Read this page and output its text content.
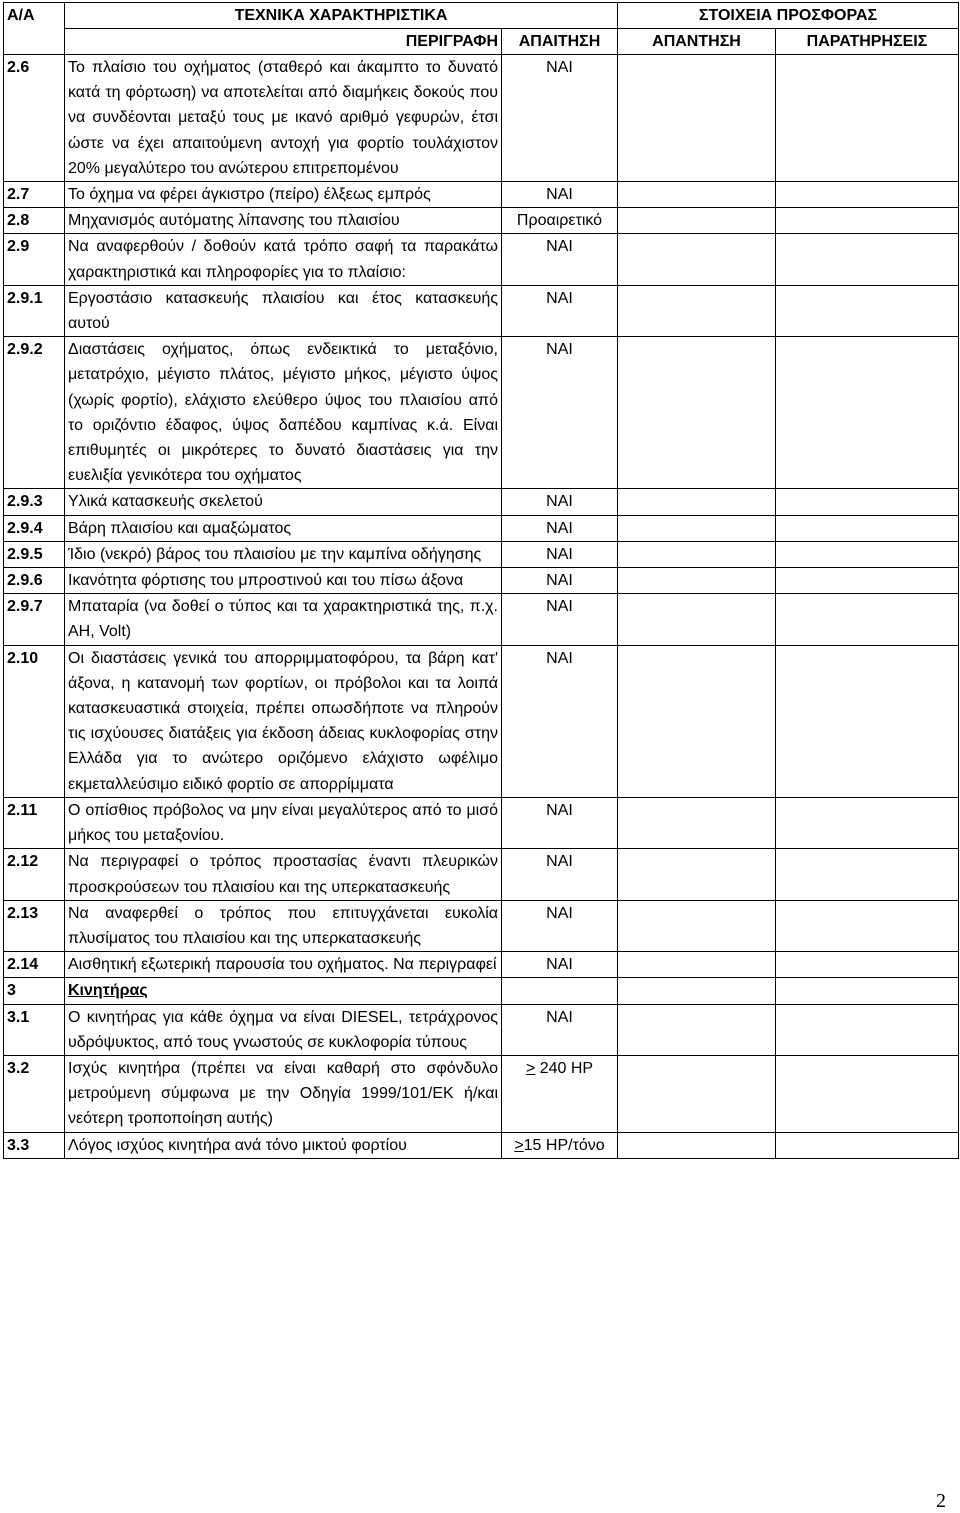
Α/Α	ΤΕΧΝΙΚΑ ΧΑΡΑΚΤΗΡΙΣΤΙΚΑ		ΣΤΟΙΧΕΙΑ ΠΡΟΣΦΟΡΑΣ	
	ΠΕΡΙΓΡΑΦΗ	ΑΠΑΙΤΗΣΗ	ΑΠΑΝΤΗΣΗ	ΠΑΡΑΤΗΡΗΣΕΙΣ
2.6	Το πλαίσιο του οχήματος (σταθερό και άκαμπτο το δυνατό κατά τη φόρτωση) να αποτελείται από διαμήκεις δοκούς που να συνδέονται μεταξύ τους με ικανό αριθμό γεφυρών, έτσι ώστε να έχει απαιτούμενη αντοχή για φορτίο τουλάχιστον 20% μεγαλύτερο του ανώτερου επιτρεπομένου	ΝΑΙ		
2.7	Το όχημα να φέρει άγκιστρο (πείρο) έλξεως εμπρός	ΝΑΙ		
2.8	Μηχανισμός αυτόματης λίπανσης του πλαισίου	Προαιρετικό		
2.9	Να αναφερθούν / δοθούν κατά τρόπο σαφή τα παρακάτω χαρακτηριστικά και πληροφορίες για το πλαίσιο:	ΝΑΙ		
2.9.1	Εργοστάσιο κατασκευής πλαισίου και έτος κατασκευής αυτού	ΝΑΙ		
2.9.2	Διαστάσεις οχήματος, όπως ενδεικτικά το μεταξόνιο, μετατρόχιο, μέγιστο πλάτος, μέγιστο μήκος, μέγιστο ύψος (χωρίς φορτίο), ελάχιστο ελεύθερο ύψος του πλαισίου από το οριζόντιο έδαφος, ύψος δαπέδου καμπίνας κ.ά. Είναι επιθυμητές οι μικρότερες το δυνατό διαστάσεις για την ευελιξία γενικότερα του οχήματος	ΝΑΙ		
2.9.3	Υλικά κατασκευής σκελετού	ΝΑΙ		
2.9.4	Βάρη πλαισίου και αμαξώματος	ΝΑΙ		
2.9.5	Ίδιο (νεκρό) βάρος του πλαισίου με την καμπίνα οδήγησης	ΝΑΙ		
2.9.6	Ικανότητα φόρτισης του μπροστινού και του πίσω άξονα	ΝΑΙ		
2.9.7	Μπαταρία (να δοθεί ο τύπος και τα χαρακτηριστικά της, π.χ. AH, Volt)	ΝΑΙ		
2.10	Οι διαστάσεις γενικά του απορριμματοφόρου, τα βάρη κατ' άξονα, η κατανομή των φορτίων, οι πρόβολοι και τα λοιπά κατασκευαστικά στοιχεία, πρέπει οπωσδήποτε να πληρούν τις ισχύουσες διατάξεις για έκδοση άδειας κυκλοφορίας στην Ελλάδα για το ανώτερο οριζόμενο ελάχιστο ωφέλιμο εκμεταλλεύσιμο ειδικό φορτίο σε απορρίμματα	ΝΑΙ		
2.11	Ο οπίσθιος πρόβολος να μην είναι μεγαλύτερος από το μισό μήκος του μεταξονίου.	ΝΑΙ		
2.12	Να περιγραφεί ο τρόπος προστασίας έναντι πλευρικών προσκρούσεων του πλαισίου και της υπερκατασκευής	ΝΑΙ		
2.13	Να αναφερθεί ο τρόπος που επιτυγχάνεται ευκολία πλυσίματος του πλαισίου και της υπερκατασκευής	ΝΑΙ		
2.14	Αισθητική εξωτερική παρουσία του οχήματος. Να περιγραφεί	ΝΑΙ		
3	Κινητήρας			
3.1	Ο κινητήρας για κάθε όχημα να είναι DIESEL, τετράχρονος υδρόψυκτος, από τους γνωστούς σε κυκλοφορία τύπους	ΝΑΙ		
3.2	Ισχύς κινητήρα (πρέπει να είναι καθαρή στο σφόνδυλο μετρούμενη σύμφωνα με την Οδηγία 1999/101/ΕΚ ή/και νεότερη τροποποίηση αυτής)	≥ 240 HP		
3.3	Λόγος ισχύος κινητήρα ανά τόνο μικτού φορτίου	≥15 HP/τόνο		
2
